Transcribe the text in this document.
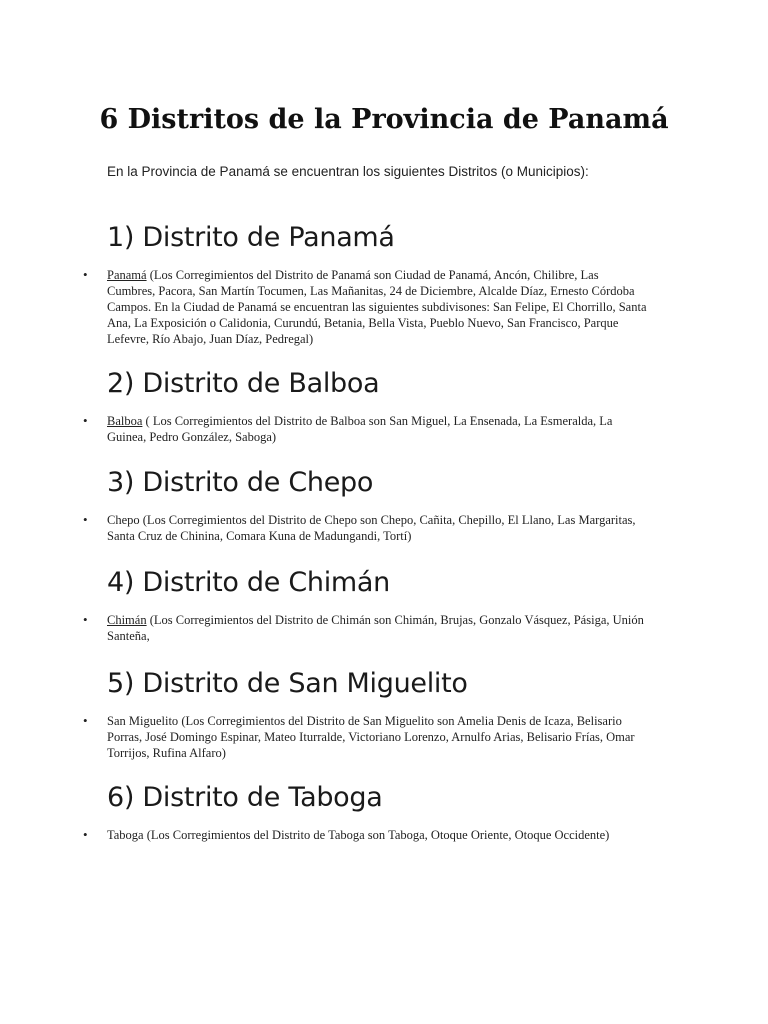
6 Distritos de la Provincia de Panamá

En la Provincia de Panamá se encuentran los siguientes Distritos (o Municipios):

1) Distrito de Panamá
• Panamá (Los Corregimientos del Distrito de Panamá son Ciudad de Panamá, Ancón, Chilibre, Las Cumbres, Pacora, San Martín Tocumen, Las Mañanitas, 24 de Diciembre, Alcalde Díaz, Ernesto Córdoba Campos. En la Ciudad de Panamá se encuentran las siguientes subdivisones: San Felipe, El Chorrillo, Santa Ana, La Exposición o Calidonia, Curundú, Betania, Bella Vista, Pueblo Nuevo, San Francisco, Parque Lefevre, Río Abajo, Juan Díaz, Pedregal)
2) Distrito de Balboa
• Balboa ( Los Corregimientos del Distrito de Balboa son San Miguel, La Ensenada, La Esmeralda, La Guinea, Pedro González, Saboga)
3) Distrito de Chepo
• Chepo (Los Corregimientos del Distrito de Chepo son Chepo, Cañita, Chepillo, El Llano, Las Margaritas, Santa Cruz de Chinina, Comara Kuna de Madungandi, Tortí)
4) Distrito de Chimán
• Chimán (Los Corregimientos del Distrito de Chimán son Chimán, Brujas, Gonzalo Vásquez, Pásiga, Unión Santeña,
5) Distrito de San Miguelito
• San Miguelito (Los Corregimientos del Distrito de San Miguelito son Amelia Denis de Icaza, Belisario Porras, José Domingo Espinar, Mateo Iturralde, Victoriano Lorenzo, Arnulfo Arias, Belisario Frías, Omar Torrijos, Rufina Alfaro)
6) Distrito de Taboga
• Taboga (Los Corregimientos del Distrito de Taboga son Taboga, Otoque Oriente, Otoque Occidente)
